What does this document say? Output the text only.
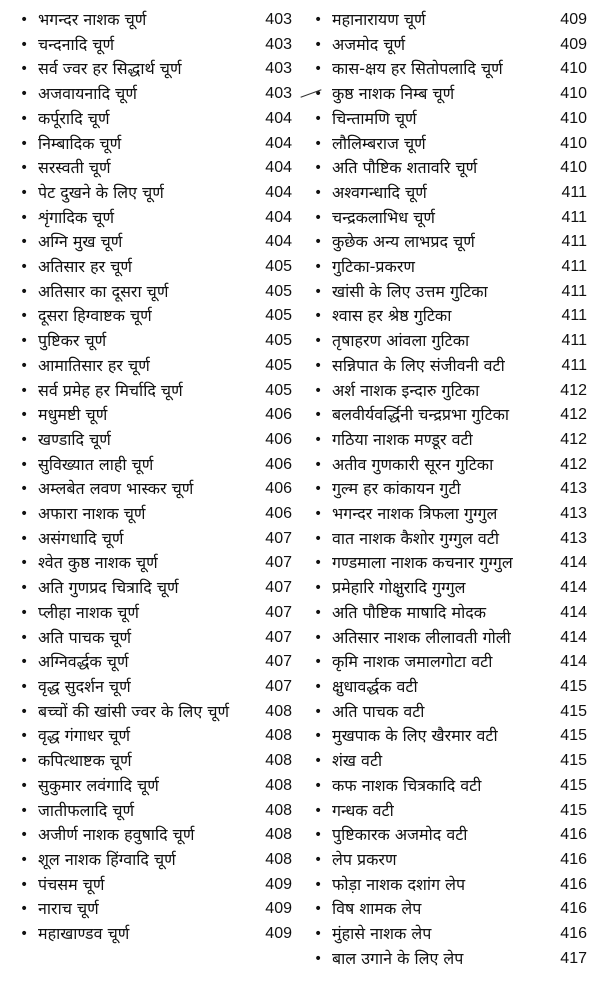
• भगन्दर नाशक चूर्ण	403
• चन्दनादि चूर्ण	403
• सर्व ज्वर हर सिद्धार्थ चूर्ण	403
• अजवायनादि चूर्ण	403
• कर्पूरादि चूर्ण	404
• निम्बादिक चूर्ण	404
• सरस्वती चूर्ण	404
• पेट दुखने के लिए चूर्ण	404
• शृंगादिक चूर्ण	404
• अग्नि मुख चूर्ण	404
• अतिसार हर चूर्ण	405
• अतिसार का दूसरा चूर्ण	405
• दूसरा हिग्वाष्टक चूर्ण	405
• पुष्टिकर चूर्ण	405
• आमातिसार हर चूर्ण	405
• सर्व प्रमेह हर मिर्चादि चूर्ण	405
• मधुमष्टी चूर्ण	406
• खण्डादि चूर्ण	406
• सुविख्यात लाही चूर्ण	406
• अम्लबेत लवण भास्कर चूर्ण	406
• अफारा नाशक चूर्ण	406
• असंगधादि चूर्ण	407
• श्वेत कुष्ठ नाशक चूर्ण	407
• अति गुणप्रद चित्रादि चूर्ण	407
• प्लीहा नाशक चूर्ण	407
• अति पाचक चूर्ण	407
• अग्निवर्द्धक चूर्ण	407
• वृद्ध सुदर्शन चूर्ण	407
• बच्चों की खांसी ज्वर के लिए चूर्ण	408
• वृद्ध गंगाधर चूर्ण	408
• कपित्थाष्टक चूर्ण	408
• सुकुमार लवंगादि चूर्ण	408
• जातीफलादि चूर्ण	408
• अजीर्ण नाशक हवुषादि चूर्ण	408
• शूल नाशक हिंग्वादि चूर्ण	408
• पंचसम चूर्ण	409
• नाराच चूर्ण	409
• महाखाण्डव चूर्ण	409
• महानारायण चूर्ण	409
• अजमोद चूर्ण	409
• कास-क्षय हर सितोपलादि चूर्ण	410
• कुष्ठ नाशक निम्ब चूर्ण	410
• चिन्तामणि चूर्ण	410
• लौलिम्बराज चूर्ण	410
• अति पौष्टिक शतावरि चूर्ण	410
• अश्वगन्धादि चूर्ण	411
• चन्द्रकलाभिध चूर्ण	411
• कुछेक अन्य लाभप्रद चूर्ण	411
• गुटिका-प्रकरण	411
• खांसी के लिए उत्तम गुटिका	411
• श्वास हर श्रेष्ठ गुटिका	411
• तृषाहरण आंवला गुटिका	411
• सन्निपात के लिए संजीवनी वटी	411
• अर्श नाशक इन्दारु गुटिका	412
• बलवीर्यवर्द्धिनी चन्द्रप्रभा गुटिका	412
• गठिया नाशक मण्डूर वटी	412
• अतीव गुणकारी सूरन गुटिका	412
• गुल्म हर कांकायन गुटी	413
• भगन्दर नाशक त्रिफला गुग्गुल	413
• वात नाशक कैशोर गुग्गुल वटी	413
• गण्डमाला नाशक कचनार गुग्गुल	414
• प्रमेहारि गोक्षुरादि गुग्गुल	414
• अति पौष्टिक माषादि मोदक	414
• अतिसार नाशक लीलावती गोली	414
• कृमि नाशक जमालगोटा वटी	414
• क्षुधावर्द्धक वटी	415
• अति पाचक वटी	415
• मुखपाक के लिए खैरमार वटी	415
• शंख वटी	415
• कफ नाशक चित्रकादि वटी	415
• गन्धक वटी	415
• पुष्टिकारक अजमोद वटी	416
• लेप प्रकरण	416
• फोड़ा नाशक दशांग लेप	416
• विष शामक लेप	416
• मुंहासे नाशक लेप	416
• बाल उगाने के लिए लेप	417
